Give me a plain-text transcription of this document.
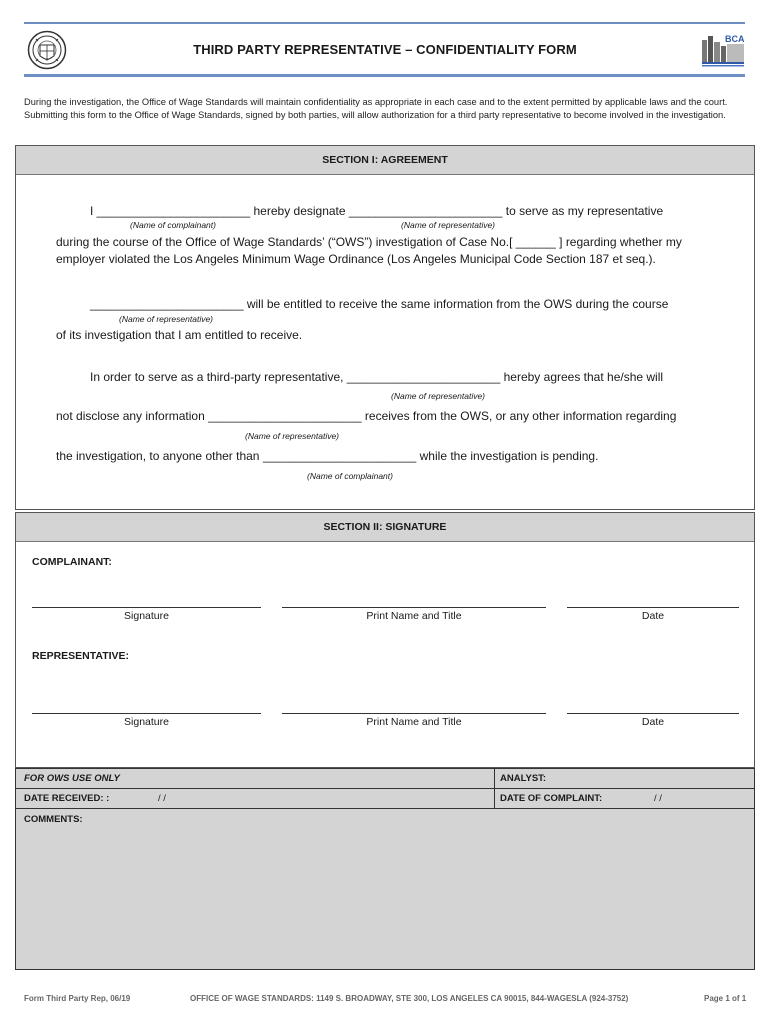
THIRD PARTY REPRESENTATIVE – CONFIDENTIALITY FORM
BCA
During the investigation, the Office of Wage Standards will maintain confidentiality as appropriate in each case and to the extent permitted by applicable laws and the court. Submitting this form to the Office of Wage Standards, signed by both parties, will allow authorization for a third party representative to become involved in the investigation.
SECTION I: AGREEMENT
I _______________________ hereby designate _______________________ to serve as my representative
(Name of complainant)	(Name of representative)
during the course of the Office of Wage Standards’ (“OWS”) investigation of Case No.[ ______ ] regarding whether my
employer violated the Los Angeles Minimum Wage Ordinance (Los Angeles Municipal Code Section 187 et seq.).
_______________________ will be entitled to receive the same information from the OWS during the course
(Name of representative)
of its investigation that I am entitled to receive.
In order to serve as a third-party representative, _______________________ hereby agrees that he/she will
(Name of representative)
not disclose any information _______________________ receives from the OWS, or any other information regarding
(Name of representative)
the investigation, to anyone other than _______________________ while the investigation is pending.
(Name of complainant)
SECTION II: SIGNATURE
COMPLAINANT:
Signature	Print Name and Title	Date
REPRESENTATIVE:
Signature	Print Name and Title	Date
FOR OWS USE ONLY	ANALYST:
DATE RECEIVED: :	/ /	DATE OF COMPLAINT:	/ /
COMMENTS:
Form Third Party Rep, 06/19	OFFICE OF WAGE STANDARDS: 1149 S. BROADWAY, STE 300, LOS ANGELES CA 90015, 844-WAGESLA (924-3752)	Page 1 of 1
